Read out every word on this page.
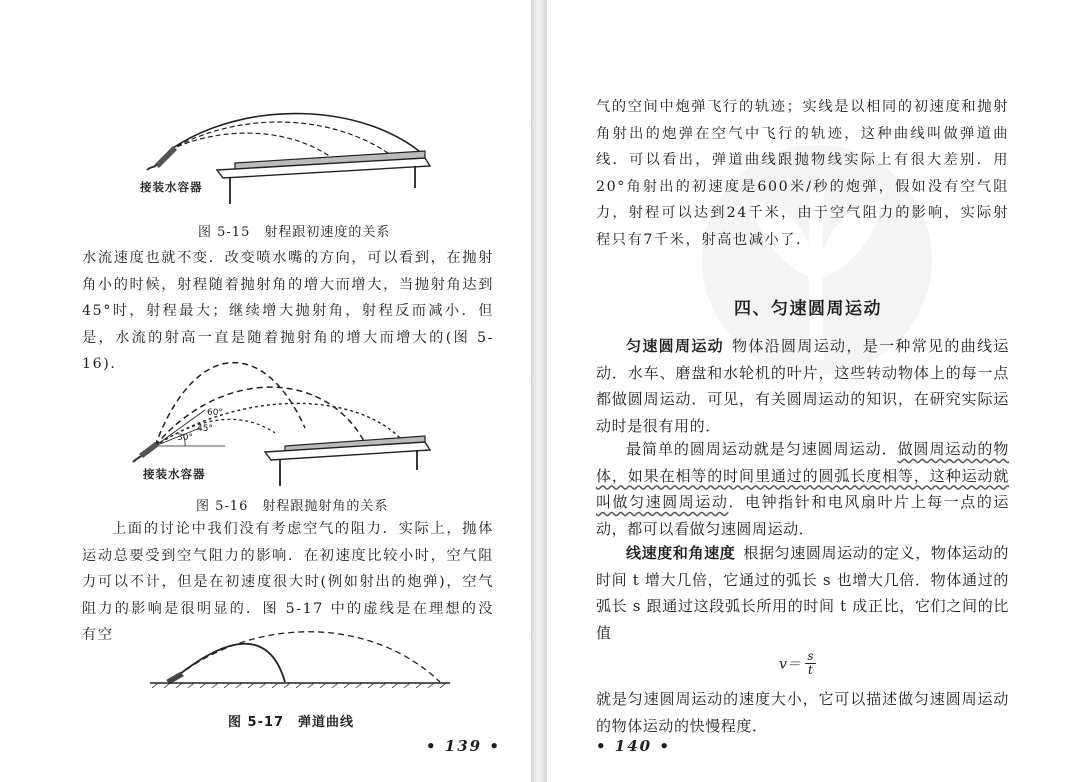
接装水容器

图 5-15　射程跟初速度的关系

水流速度也就不变．改变喷水嘴的方向，可以看到，在抛射角小的时候，射程随着抛射角的增大而增大，当抛射角达到45°时，射程最大；继续增大抛射角，射程反而减小．但是，水流的射高一直是随着抛射角的增大而增大的(图 5-16)．

60°
45°
30°
接装水容器

图 5-16　射程跟抛射角的关系

上面的讨论中我们没有考虑空气的阻力．实际上，抛体运动总要受到空气阻力的影响．在初速度比较小时，空气阻力可以不计，但是在初速度很大时(例如射出的炮弹)，空气阻力的影响是很明显的．图 5-17 中的虚线是在理想的没有空

图 5-17　弹道曲线

• 139 •

气的空间中炮弹飞行的轨迹；实线是以相同的初速度和抛射角射出的炮弹在空气中飞行的轨迹，这种曲线叫做弹道曲线．可以看出，弹道曲线跟抛物线实际上有很大差别．用20°角射出的初速度是600米/秒的炮弹，假如没有空气阻力，射程可以达到24千米，由于空气阻力的影响，实际射程只有7千米，射高也减小了．

四、匀速圆周运动

匀速圆周运动 物体沿圆周运动，是一种常见的曲线运动．水车、磨盘和水轮机的叶片，这些转动物体上的每一点都做圆周运动．可见，有关圆周运动的知识，在研究实际运动时是很有用的．

最简单的圆周运动就是匀速圆周运动．做圆周运动的物体，如果在相等的时间里通过的圆弧长度相等，这种运动就叫做匀速圆周运动．电钟指针和电风扇叶片上每一点的运动，都可以看做匀速圆周运动．

线速度和角速度 根据匀速圆周运动的定义，物体运动的时间 t 增大几倍，它通过的弧长 s 也增大几倍．物体通过的弧长 s 跟通过这段弧长所用的时间 t 成正比，它们之间的比值

$v= \frac{s}{t}$

就是匀速圆周运动的速度大小，它可以描述做匀速圆周运动的物体运动的快慢程度．

• 140 •
